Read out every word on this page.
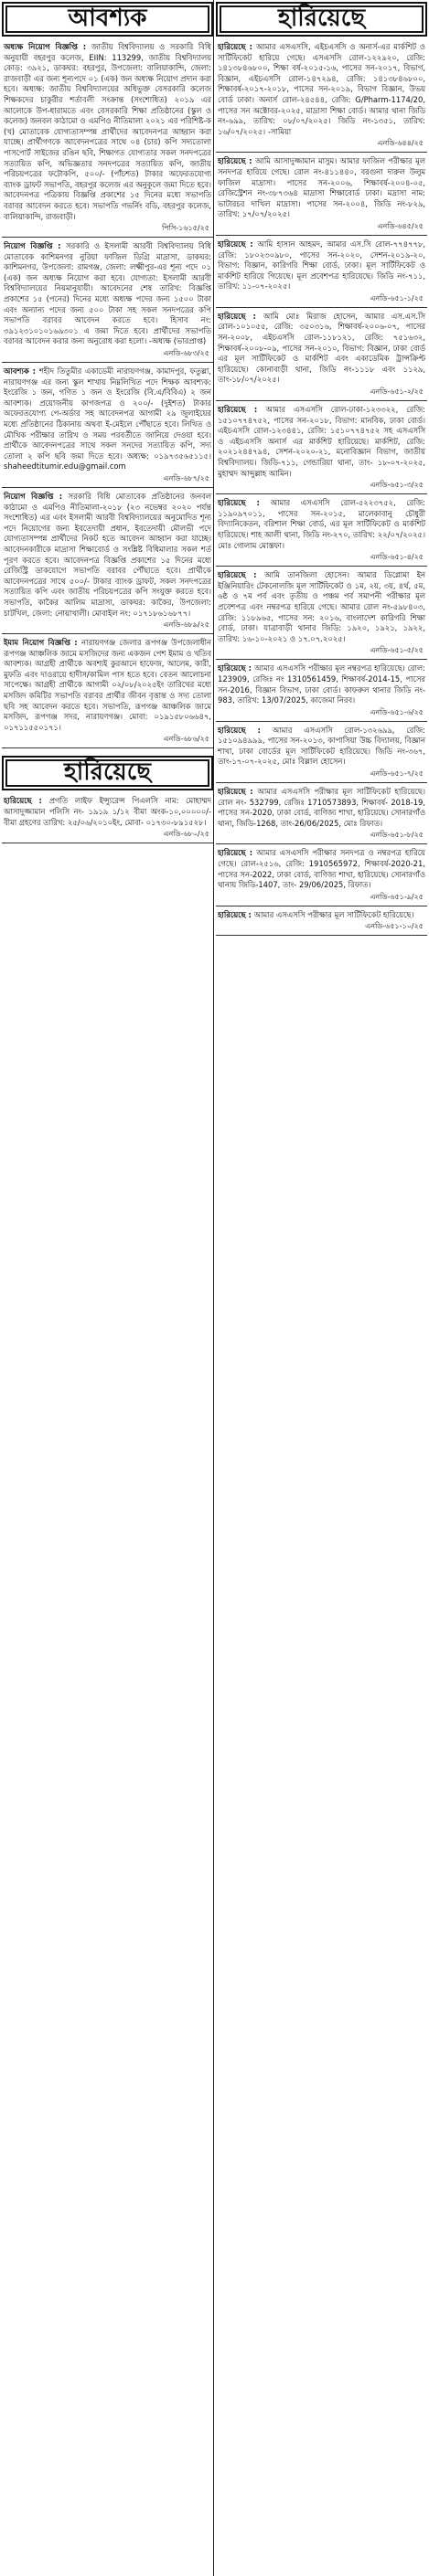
আবশ্যক
অধ্যক্ষ নিয়োগ বিজ্ঞপ্তি : জাতীয় বিশ্ববিদ্যালয় ও সরকারি বিধি অনুযায়ী বহরপুর কলেজ, EIIN: 113299, জাতীয় বিশ্ববিদ্যালয় কোড: ৩৯২১, ডাকঘর: বহরপুর, উপজেলা: বালিয়াকান্দি, জেলা: রাজবাড়ী এর জন্য শূন্যপদে ০১ (এক) জন অধ্যক্ষ নিয়োগ প্রদান করা হবে। অধ্যক্ষ: জাতীয় বিশ্ববিদ্যালয়ের অধিভুক্ত বেসরকারি কলেজ শিক্ষকদের চাকুরীর শর্তাবলী সংক্রান্ত (সংশোধিত) ২০১৯ এর আলোকে উপ-ধারামতে এবং বেসরকারি শিক্ষা প্রতিষ্ঠানের (স্কুল ও কলেজ) জনবল কাঠামো ও এমপিও নীতিমালা ২০২১ এর পরিশিষ্ট-ক (খ) মোতাবেক যোগ্যতাসম্পন্ন প্রার্থীদের আবেদনপত্র আহ্বান করা যাচ্ছে। প্রার্থীগণকে আবেদনপত্রের সাথে ০৪ (চার) কপি সদ্যতোলা পাসপোর্ট সাইজের রঙিন ছবি, শিক্ষাগত যোগ্যতার সকল সনদপত্রের সত্যায়িত কপি, অভিজ্ঞতার সনদপত্রের সত্যায়িত কপি, জাতীয় পরিচয়পত্রের ফটোকপি, ৫০০/- (পাঁচশত) টাকার অফেরতযোগ্য ব্যাংক ড্রাফট সভাপতি, বহরপুর কলেজ এর অনুকূলে জমা দিতে হবে। আবেদনপত্র পত্রিকায় বিজ্ঞপ্তি প্রকাশের ১৫ দিনের মধ্যে সভাপতি বরাবর আবেদন করতে হবে। সভাপতি গভর্নিং বডি, বহরপুর কলেজ, বালিয়াকান্দি, রাজবাড়ী।
পিসি-১৬১৫/২৫
নিয়োগ বিজ্ঞপ্তি : সরকারি ও ইসলামী আরবী বিশ্ববিদ্যালয় বিধি মোতাবেক কাশিমনগর নুরিয়া ফাজিল ডিগ্রি মাদ্রাসা, ডাকঘর: কাশিমনগর, উপজেলা: রামগঞ্জ, জেলা: লক্ষ্মীপুর-এর শূন্য পদে ০১ (এক) জন অধ্যক্ষ নিয়োগ করা হবে। যোগ্যতা: ইসলামী আরবী বিশ্ববিদ্যালয়ের নিয়মানুযায়ী। আবেদনের শেষ তারিখ: বিজ্ঞপ্তি প্রকাশের ১৫ (পনের) দিনের মধ্যে অধ্যক্ষ পদের জন্য ১৫০০ টাকা এবং অন্যান্য পদের জন্য ৫০০ টাকা সহ সকল সনদপত্রের কপি সভাপতি বরাবর আবেদন করতে হবে। হিসাব নং: ৩৯১২৩১০১০১৬৯৩০১ এ জমা দিতে হবে। প্রার্থীদের সভাপতি বরাবর আবেদন করার জন্য অনুরোধ করা হলো। -অধ্যক্ষ (ভারপ্রাপ্ত)
এনডি-৬৮৩/২৫
আবশ্যক : শহীদ তিতুমীর একাডেমী নারায়ণগঞ্জ, কামাদপুর, ফতুল্লা, নারায়ণগঞ্জ এর জন্য স্কুল শাখায় নিম্নলিখিত পদে শিক্ষক আবশ্যক: ইংরেজি ১ জন, গণিত ১ জন ও ইংরেজি (বি.এ/বিবিএ) ২ জন আবশ্যক। প্রয়োজনীয় কাগজপত্র ও ২০০/- (দুইশত) টাকার অফেরতযোগ্য পে-অর্ডার সহ আবেদনপত্র আগামী ২৯ জুলাইয়ের মধ্যে প্রতিষ্ঠানের ঠিকানায় অথবা ই-মেইলে পৌঁছাতে হবে। লিখিত ও মৌখিক পরীক্ষার তারিখ ও সময় পরবর্তীতে জানিয়ে দেওয়া হবে। প্রার্থীকে আবেদনপত্রের সাথে সকল সনদের সত্যায়িত কপি, সদ্য তোলা ২ কপি ছবি জমা দিতে হবে। অধ্যক্ষ: ০১৯৭৩৫৬৫১১৫। shaheedtitumir.edu@gmail.com
এনডি-৬৮৭/২৫
নিয়োগ বিজ্ঞপ্তি : সরকারি বিধি মোতাবেক প্রতিষ্ঠানের জনবল কাঠামো ও এমপিও নীতিমালা-২০১৮ (২৩ নভেম্বর ২০২০ পর্যন্ত সংশোধিত) এর এবং ইসলামী আরবী বিশ্ববিদ্যালয়ের অনুমোদিত শূন্য পদে নিয়োগের জন্য ইবতেদায়ী প্রধান, ইবতেদায়ী মৌলভী পদে যোগ্যতাসম্পন্ন প্রার্থীদের নিকট হতে আবেদন আহ্বান করা যাচ্ছে। আবেদনকারীকে মাদ্রাসা শিক্ষাবোর্ড ও সংশ্লিষ্ট বিধিমালার সকল শর্ত পূরণ করতে হবে। আবেদনপত্র বিজ্ঞপ্তি প্রকাশের ১৫ দিনের মধ্যে রেজিস্ট্রি ডাকযোগে সভাপতি বরাবর পৌঁছাতে হবে। প্রার্থীকে আবেদনপত্রের সাথে ৫০০/- টাকার ব্যাংক ড্রাফট, সকল সনদপত্রের সত্যায়িত কপি এবং জাতীয় পরিচয়পত্রের কপি সংযুক্ত করতে হবে। সভাপতি, কাকৈর আলিম মাদ্রাসা, ডাকঘর: কাকৈর, উপজেলা: চাটখিল, জেলা: নোয়াখালী। মোবাইল নং: ০১৭১৮৬১৬৮৭৭।
এনডি-৬৮৯/২৫
ইমাম নিয়োগ বিজ্ঞপ্তি : নারায়ণগঞ্জ জেলার রূপগঞ্জ উপজেলাধীন রূপগঞ্জ আঞ্চলিক জামে মসজিদের জন্য একজন পেশ ইমাম ও খতিব আবশ্যক। আগ্রহী প্রার্থীকে অবশ্যই কুরআনে হাফেজ, আলেম, কারী, মুফতি এবং দাওরায়ে হাদীস/কামিল পাস হতে হবে। বেতন আলোচনা সাপেক্ষে। আগ্রহী প্রার্থীকে আগামী ০২/০৮/২০২৫ইং তারিখের মধ্যে মসজিদ কমিটির সভাপতি বরাবর প্রার্থীর জীবন বৃত্তান্ত ও সদ্য তোলা ছবি সহ আবেদন করতে হবে। সভাপতি, রূপগঞ্জ আঞ্চলিক জামে মসজিদ, রূপগঞ্জ সদর, নারায়ণগঞ্জ। মোবা: ০১৯১৫৮০৬৬৪৭, ০১৭১১৫৫০১৭১।
এনডি-৬৮৬/২৫
হারিয়েছে
হারিয়েছে : প্রগতি লাইফ ইন্স্যুরেন্স পিএলসি নাম: মোহাম্মদ আসাদুজ্জামান পলিসি নং- ১৯১৯ ১/১২ বীমা অংক-১০,০০০০০/- বীমা গ্রহণের তারিখ: ২৫/০৬/২০১০ইং, মোবা- ০১৭৩০-৮৯১৫২৮।
এনডি-৬৮০/২৫
হারিয়েছে
হারিয়েছে : আমার এসএসসি, এইচএসসি ও অনার্স-এর মার্কশিট ও সার্টিফিকেট হারিয়ে গেছে। এসএসসি রোল-১২২৯২০, রেজি: ১৪১৩৮৪৬৮০০, শিক্ষা বর্ষ-২০১৫-১৬, পাসের সন-২০১৭, বিভাগ, বিজ্ঞান, এইচএসসি রোল-১৪৭২৯৪, রেজি: ১৪১৩৮৪৬৮০০, শিক্ষাবর্ষ-২০১৭-২০১৮, পাসের সন-২০১৯, বিভাগ বিজ্ঞান, উভয় বোর্ড ঢাকা। অনার্স রোল-২৪৫৪৪, রেজি: G/Pharm-1174/20, পাসের সন অক্টোবর-২০২৫, মাদ্রাসা শিক্ষা বোর্ড। আমার থানা জিডি নং-৬৯৯, তারিখ: ০৮/০৭/২০২৫। জিডি নং-১৩৫১, তারিখ: ১৬/০৭/২০২৫। -সামিয়া
এনডি-৬৪৪/২৫
হারিয়েছে : আমি আসাদুজ্জামান মাসুম। আমার ফাজিল পরীক্ষার মূল সনদপত্র হারিয়ে গেছে। রোল নং-৪১১৪৪০, বরগুনা দারুল উলুম ফাজিল মাদ্রাসা। পাসের সন-২০০৬, শিক্ষাবর্ষ-২০০৪-০৫, রেজিস্ট্রেশন নং-৩৮৭৩৬৪ মাদ্রাসা শিক্ষাবোর্ড ঢাকা। মদ্রাসা নাম: ভাটারচর দাখিল মাদ্রাসা। পাসের সন-২০০৪, জিডি নং-৮২৯, তারিখ: ১৭/০৭/২০২৫।
এনডি-৬৪৫/২৫
হারিয়েছে : আমি হাসান আহমদ, আমার এস.সি রোল-৭৭৪৭৭৮, রেজি: ১৮০২৩০৯৮০, পাসের সন-২০২০, সেশন-২০১৯-২০, বিভাগ: বিজ্ঞান, কারিগরি শিক্ষা বোর্ড, ঢাকা। মূল সার্টিফিকেট ও মার্কশিট হারিয়ে গিয়েছে। মূল প্রবেশপত্র হারিয়েছে। জিডি নং-৭১১, তারিখ: ১১-০৭-২০২৫।
এনডি-৬৫১-১/২৫
হারিয়েছে : আমি মোঃ মিরাজ হোসেন, আমার এস.এস.সি রোল-১০১০৫৫, রেজি: ৩৫০৩১৬, শিক্ষাবর্ষ-২০০৬-০৭, পাসের সন-২০০৮, এইচএসসি রোল-১১৮১২১, রেজি: ৭৫১৬৩২, শিক্ষাবর্ষ-২০০৮-০৯, পাসের সন-২০১০, বিভাগ: বিজ্ঞান, ঢাকা বোর্ড এর মূল সার্টিফিকেট ও মার্কশিট এবং একাডেমিক ট্রান্সক্রিপ্ট হারিয়েছে। কোনাবাড়ী থানা, জিডি নং-১১১৮ এবং ১১২৯, তাং-১৮/০৭/২০২৫।
এনডি-৬৫১-২/২৫
হারিয়েছে : আমার এসএসসি রোল-ঢাকা-১২৩৩২২, রেজি: ১৫১০৭৭৪৭৫২, পাসের সন-২০১৮, বিভাগ: মানবিক, ঢাকা বোর্ড। এইচএসসি রোল-১২৩৪৪১, রেজি: ১৫১০৭৭৪৭৫২ সহ এসএসসি ও এইচএসসি অনার্স এর মার্কশিট হারিয়েছে। মার্কশিট, রেজি: ২০২১২৪৪৭৯৪, সেশন-২০২০-২১, মনোবিজ্ঞান বিভাগ, জাতীয় বিশ্ববিদ্যালয়। জিডি-৭১১, গেন্ডারিয়া থানা, তাং- ১৮-০৭-২০২৫, মুহাম্মদ আব্দুল্লাহ আমিন।
এনডি-৬৫১-৩/২৫
হারিয়েছে : আমার এসএসসি রোল-৫২২৩৭৫২, রেজি: ১১৯০৯৭০১১, পাসের সন-২০১৫, মালেকাবানু চৌধুরী বিদ্যানিকেতন, বরিশাল শিক্ষা বোর্ড, এর মূল সার্টিফিকেট ও মার্কশিট হারিয়েছে। শাহ আলী থানা, জিডি নং-২৭০, তারিখ: ২২/০৭/২০২৫। মোঃ গোলাম মোস্তফা।
এনডি-৬৫১-৪/২৫
হারিয়েছে : আমি তানজিলা হোসেন। আমার ডিপ্লোমা ইন ইঞ্জিনিয়ারিং টেকনোলজি মূল সার্টিফিকেট ও ১ম, ২য়, ৩য়, ৪র্থ, ৫ম, ৬ষ্ঠ ও ৭ম পর্ব এবং তৃতীয় ও পঞ্চম পর্ব সমাপনী পরীক্ষার মূল প্রবেশপত্র এবং নম্বরপত্র হারিয়ে গেছে। আমার রোল নং-৫৯৮৪০৩, রেজি: ১১৮৯৬৫, পাসের সন: ২০১৬, বাংলাদেশ কারিগরি শিক্ষা বোর্ড, ঢাকা। যাত্রাবাড়ী থানার জিডি: ১৯২০, ১৯২১, ১৯২২, তারিখ: ১৬-১০-২০২১ ও ১৭.০৭.২০২৫।
এনডি-৬৫১-৫/২৫
হারিয়েছে : আমার এসএসসি পরীক্ষার মূল নম্বরপত্র হারিয়েছে। রোল: 123909, রেজিঃ নং 1310561459, শিক্ষাবর্ষ-2014-15, পাসের সন-2016, বিজ্ঞান বিভাগ, ঢাকা বোর্ড। কাফরুল থানার জিডি নং- 983, তারিখ: 13/07/2025, কাজেমা নিরব।
এনডি-৬৫১-৬/২৫
হারিয়েছে : আমার এসএসসি রোল-১৩২৬৯৯, রেজি: ১৫১০৯৪৯৯৯, পাসের সন-২০১৩, কাপাসিয়া উচ্চ বিদ্যালয়, বিজ্ঞান শাখা, ঢাকা বোর্ডের মূল সার্টিফিকেট হারিয়েছে। জিডি নং-৩৬৭, তাং-১৭-০৭-২০২৫, মোঃ বিল্লাল হোসেন।
এনডি-৬৫১-৭/২৫
হারিয়েছে : আমার এসএসসি পরীক্ষার মূল সার্টিফিকেট হারিয়েছে। রোল নং- 532799, রেজিঃ 1710573893, শিক্ষাবর্ষ- 2018-19, পাসের সন-2020, ঢাকা বোর্ড, বাণিজ্য শাখা, হারিয়েছে। সোনারগাঁও থানা, জিডি-1268, তাং-26/06/2025, মোঃ রিফাত।
এনডি-৬৫১-৮/২৫
হারিয়েছে : আমার এসএসসি পরীক্ষার সনদপত্র ও নম্বরপত্র হারিয়ে গেছে। রোল-২৫১৬, রেজি: 1910565972, শিক্ষাবর্ষ-2020-21, পাসের সন-2022, ঢাকা বোর্ড, বাণিজ্য শাখা, হারিয়েছে। সোনারগাঁও থানায় জিডি-1407, তাং- 29/06/2025, রিফাত।
এনডি-৬৫১-৯/২৫
হারিয়েছে : আমার এসএসসি পরীক্ষার মূল সার্টিফিকেট হারিয়েছে।
এনডি-৬৫১-১০/২৫
